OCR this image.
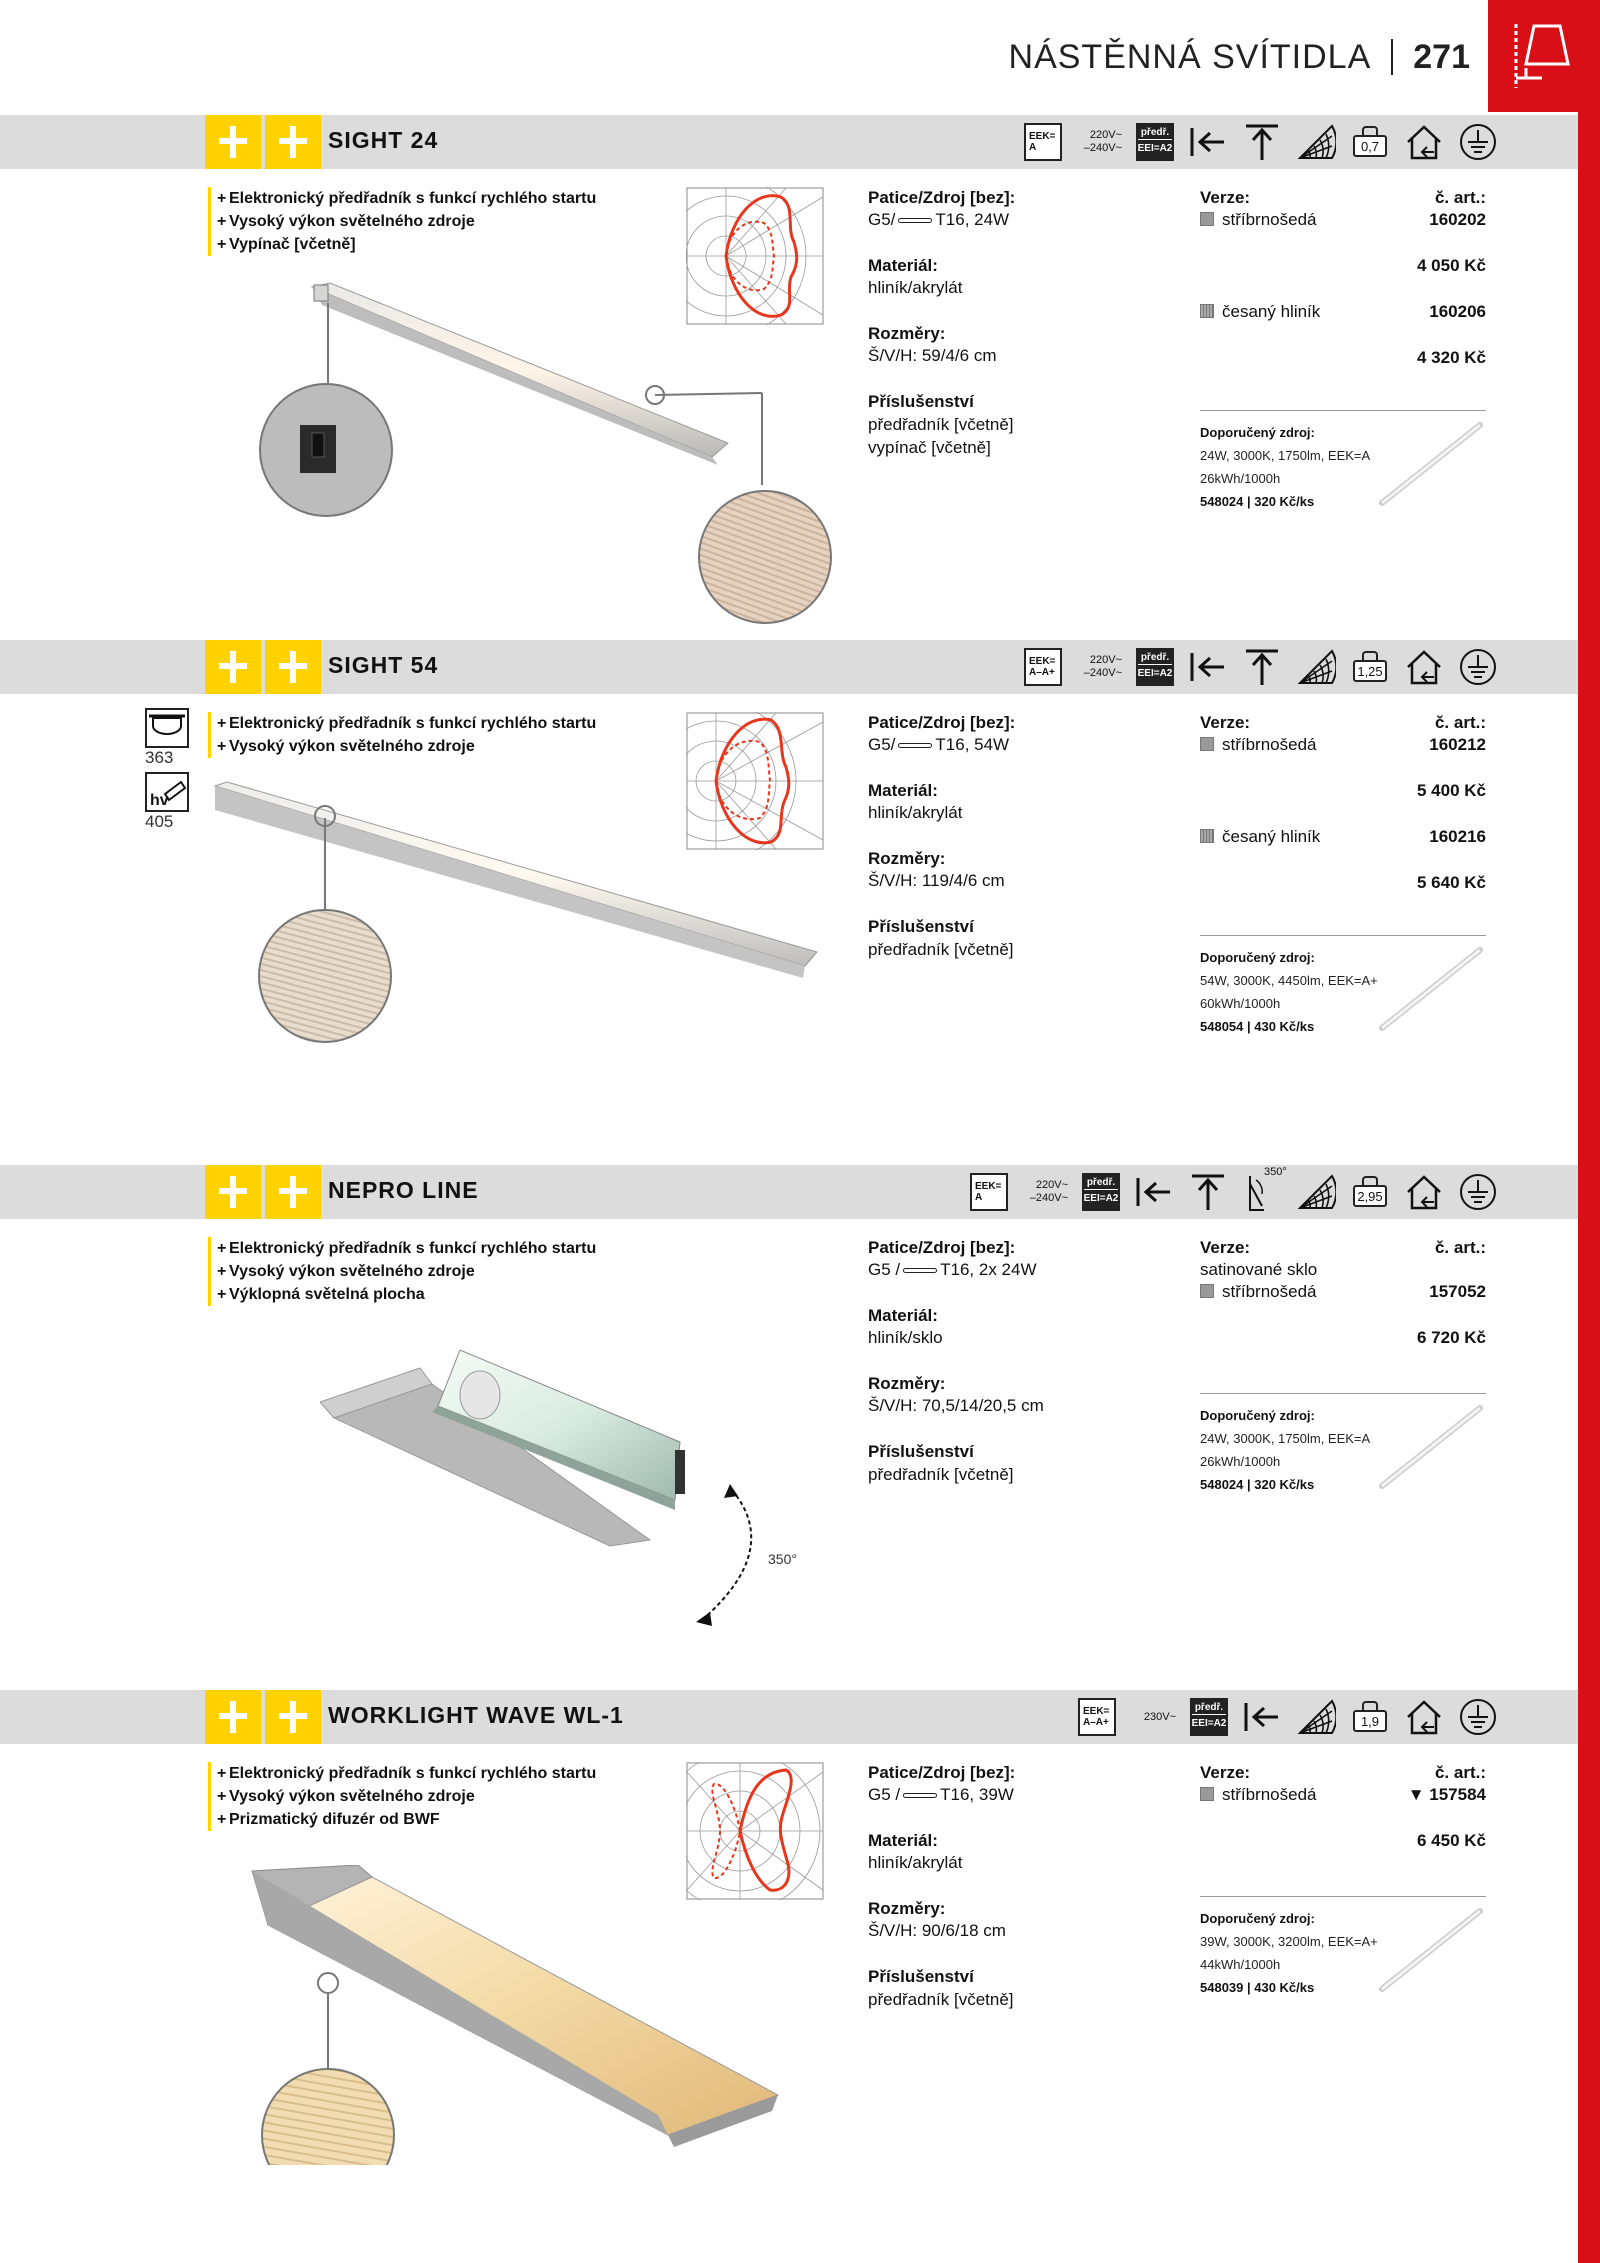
NÁSTĚNNÁ SVÍTIDLA 271
SIGHT 24	EEK=
A
220V~
–240V~
předř.
EEI=A2	0,7
+ Elektronický předřadník s funkcí rychlého startu
+ Vysoký výkon světelného zdroje
+ Vypínač [včetně]
Patice/Zdroj [bez]:
G5/ T16, 24W
Materiál:
hliník/akrylát
Rozměry:
Š/V/H: 59/4/6 cm
Příslušenství
předřadník [včetně]
vypínač [včetně]
Verze:	č. art.:
stříbrnošedá	160202
4 050 Kč
česaný hliník	160206
4 320 Kč
Doporučený zdroj:
24W, 3000K, 1750lm, EEK=A
26kWh/1000h
548024 | 320 Kč/ks
SIGHT 54	EEK=
A–A+
220V~
–240V~
předř.
EEI=A2	1,25
363
hv
405
+ Elektronický předřadník s funkcí rychlého startu
+ Vysoký výkon světelného zdroje
Patice/Zdroj [bez]:
G5/ T16, 54W
Materiál:
hliník/akrylát
Rozměry:
Š/V/H: 119/4/6 cm
Příslušenství
předřadník [včetně]
Verze:	č. art.:
stříbrnošedá	160212
5 400 Kč
česaný hliník	160216
5 640 Kč
Doporučený zdroj:
54W, 3000K, 4450lm, EEK=A+
60kWh/1000h
548054 | 430 Kč/ks
NEPRO LINE	EEK=
A
220V~
–240V~
předř.
EEI=A2
350°
2,95
+ Elektronický předřadník s funkcí rychlého startu
+ Vysoký výkon světelného zdroje
+ Výklopná světelná plocha
Patice/Zdroj [bez]:
G5 / T16, 2x 24W
Materiál:
hliník/sklo
Rozměry:
Š/V/H: 70,5/14/20,5 cm
Příslušenství
předřadník [včetně]
Verze:	č. art.:
satinované sklo
stříbrnošedá	157052
6 720 Kč
Doporučený zdroj:
24W, 3000K, 1750lm, EEK=A
26kWh/1000h
548024 | 320 Kč/ks
350°
WORKLIGHT WAVE WL-1	EEK=
A–A+	230V~
předř.
EEI=A2	1,9
+ Elektronický předřadník s funkcí rychlého startu
+ Vysoký výkon světelného zdroje
+ Prizmatický difuzér od BWF
Patice/Zdroj [bez]:
G5 / T16, 39W
Materiál:
hliník/akrylát
Rozměry:
Š/V/H: 90/6/18 cm
Příslušenství
předřadník [včetně]
Verze:	č. art.:
stříbrnošedá	▼ 157584
6 450 Kč
Doporučený zdroj:
39W, 3000K, 3200lm, EEK=A+
44kWh/1000h
548039 | 430 Kč/ks
